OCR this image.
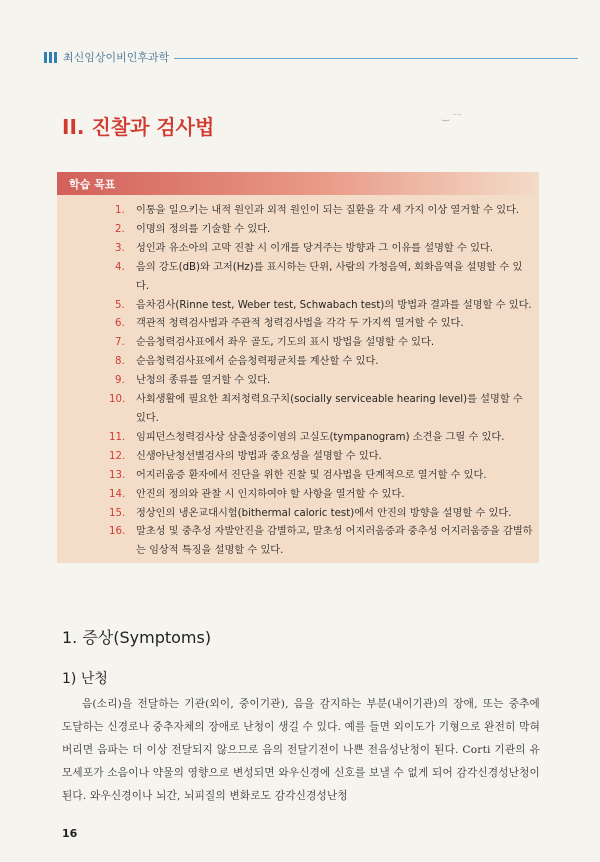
최신임상이비인후과학
II. 진찰과 검사법	‿ ⁻⁻
학습 목표
1. 이통을 일으키는 내적 원인과 외적 원인이 되는 질환을 각 세 가지 이상 열거할 수 있다.
2. 이명의 정의를 기술할 수 있다.
3. 성인과 유소아의 고막 진찰 시 이개를 당겨주는 방향과 그 이유를 설명할 수 있다.
4. 음의 강도(dB)와 고저(Hz)를 표시하는 단위, 사람의 가청음역, 회화음역을 설명할 수 있다.
5. 음차검사(Rinne test, Weber test, Schwabach test)의 방법과 결과를 설명할 수 있다.
6. 객관적 청력검사법과 주관적 청력검사법을 각각 두 가지씩 열거할 수 있다.
7. 순음청력검사표에서 좌우 골도, 기도의 표시 방법을 설명할 수 있다.
8. 순음청력검사표에서 순음청력평균치를 계산할 수 있다.
9. 난청의 종류를 열거할 수 있다.
10. 사회생활에 필요한 최저청력요구치(socially serviceable hearing level)를 설명할 수 있다.
11. 임피던스청력검사상 삼출성중이염의 고실도(tympanogram) 소견을 그릴 수 있다.
12. 신생아난청선별검사의 방법과 중요성을 설명할 수 있다.
13. 어지러움증 환자에서 진단을 위한 진찰 및 검사법을 단계적으로 열거할 수 있다.
14. 안진의 정의와 관찰 시 인지하여야 할 사항을 열거할 수 있다.
15. 정상인의 냉온교대시험(bithermal caloric test)에서 안진의 방향을 설명할 수 있다.
16. 말초성 및 중추성 자발안진을 감별하고, 말초성 어지러움증과 중추성 어지러움증을 감별하는 임상적 특징을 설명할 수 있다.
1. 증상(Symptoms)
1) 난청

음(소리)을 전달하는 기관(외이, 중이기관), 음을 감지하는 부분(내이기관)의 장애, 또는 중추에 도달하는 신경로나 중추자체의 장애로 난청이 생길 수 있다. 예를 들면 외이도가 기형으로 완전히 막혀버리면 음파는 더 이상 전달되지 않으므로 음의 전달기전이 나쁜 전음성난청이 된다. Corti 기관의 유모세포가 소음이나 약물의 영향으로 변성되면 와우신경에 신호를 보낼 수 없게 되어 감각신경성난청이 된다. 와우신경이나 뇌간, 뇌피질의 변화로도 감각신경성난청

16
